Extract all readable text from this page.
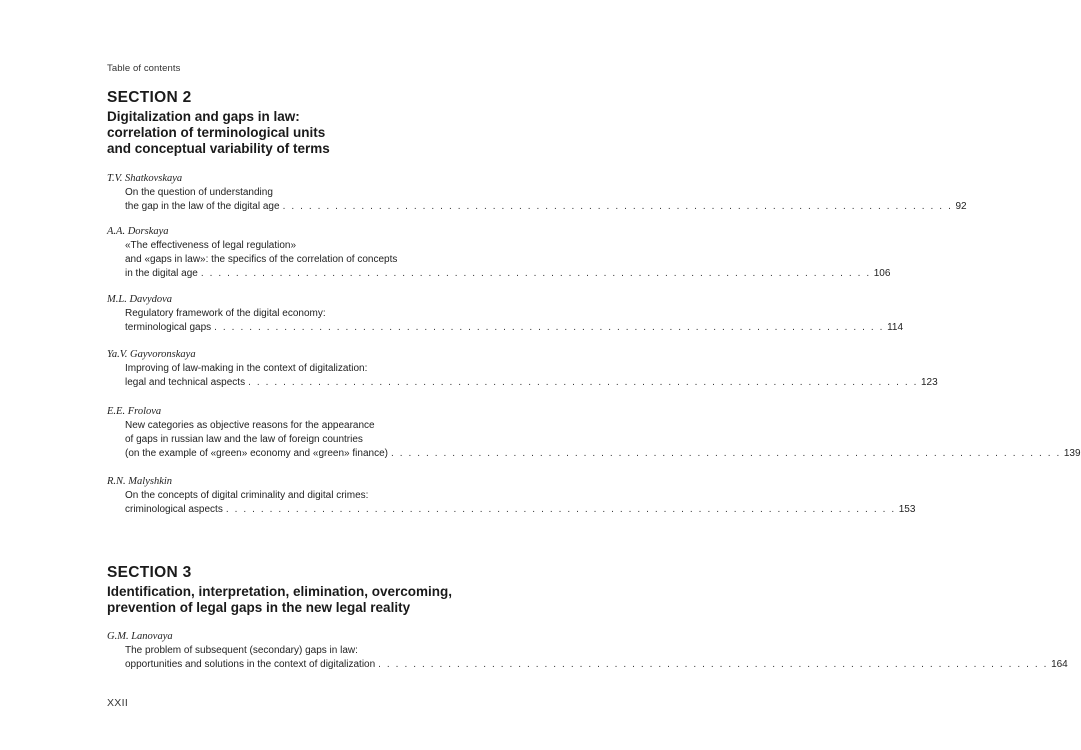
Table of contents
SECTION 2
Digitalization and gaps in law:
correlation of terminological units
and conceptual variability of terms
T.V. Shatkovskaya
On the question of understanding
the gap in the law of the digital age . . . . . . . . . . . . . . . . . . . . . . . . . . . . . . . . . . . . . . . . . . . . . . . . . . . . . . . . . . . . . . . . . . . . . . . . . . . . . 92
A.A. Dorskaya
«The effectiveness of legal regulation»
and «gaps in law»: the specifics of the correlation of concepts
in the digital age . . . . . . . . . . . . . . . . . . . . . . . . . . . . . . . . . . . . . . . . . . . . . . . . . . . . . . . . . . . . . . . . . . . . . . . . . . . . . 106
M.L. Davydova
Regulatory framework of the digital economy:
terminological gaps . . . . . . . . . . . . . . . . . . . . . . . . . . . . . . . . . . . . . . . . . . . . . . . . . . . . . . . . . . . . . . . . . . . . . . . . . . . . . 114
Ya.V. Gayvoronskaya
Improving of law-making in the context of digitalization:
legal and technical aspects . . . . . . . . . . . . . . . . . . . . . . . . . . . . . . . . . . . . . . . . . . . . . . . . . . . . . . . . . . . . . . . . . . . . . . . . . . . . . 123
E.E. Frolova
New categories as objective reasons for the appearance
of gaps in russian law and the law of foreign countries
(on the example of «green» economy and «green» finance) . . . . . . . . . . . . . . . . . . . . . . . . . . . . . . . . . . . . . . . . . . . . . . . . . . . . . . . . . . . . . . . . . . . . . . . . . . . . . 139
R.N. Malyshkin
On the concepts of digital criminality and digital crimes:
criminological aspects . . . . . . . . . . . . . . . . . . . . . . . . . . . . . . . . . . . . . . . . . . . . . . . . . . . . . . . . . . . . . . . . . . . . . . . . . . . . . 153
SECTION 3
Identification, interpretation, elimination, overcoming,
prevention of legal gaps in the new legal reality
G.M. Lanovaya
The problem of subsequent (secondary) gaps in law:
opportunities and solutions in the context of digitalization . . . . . . . . . . . . . . . . . . . . . . . . . . . . . . . . . . . . . . . . . . . . . . . . . . . . . . . . . . . . . . . . . . . . . . . . . . . . . 164
XXII
